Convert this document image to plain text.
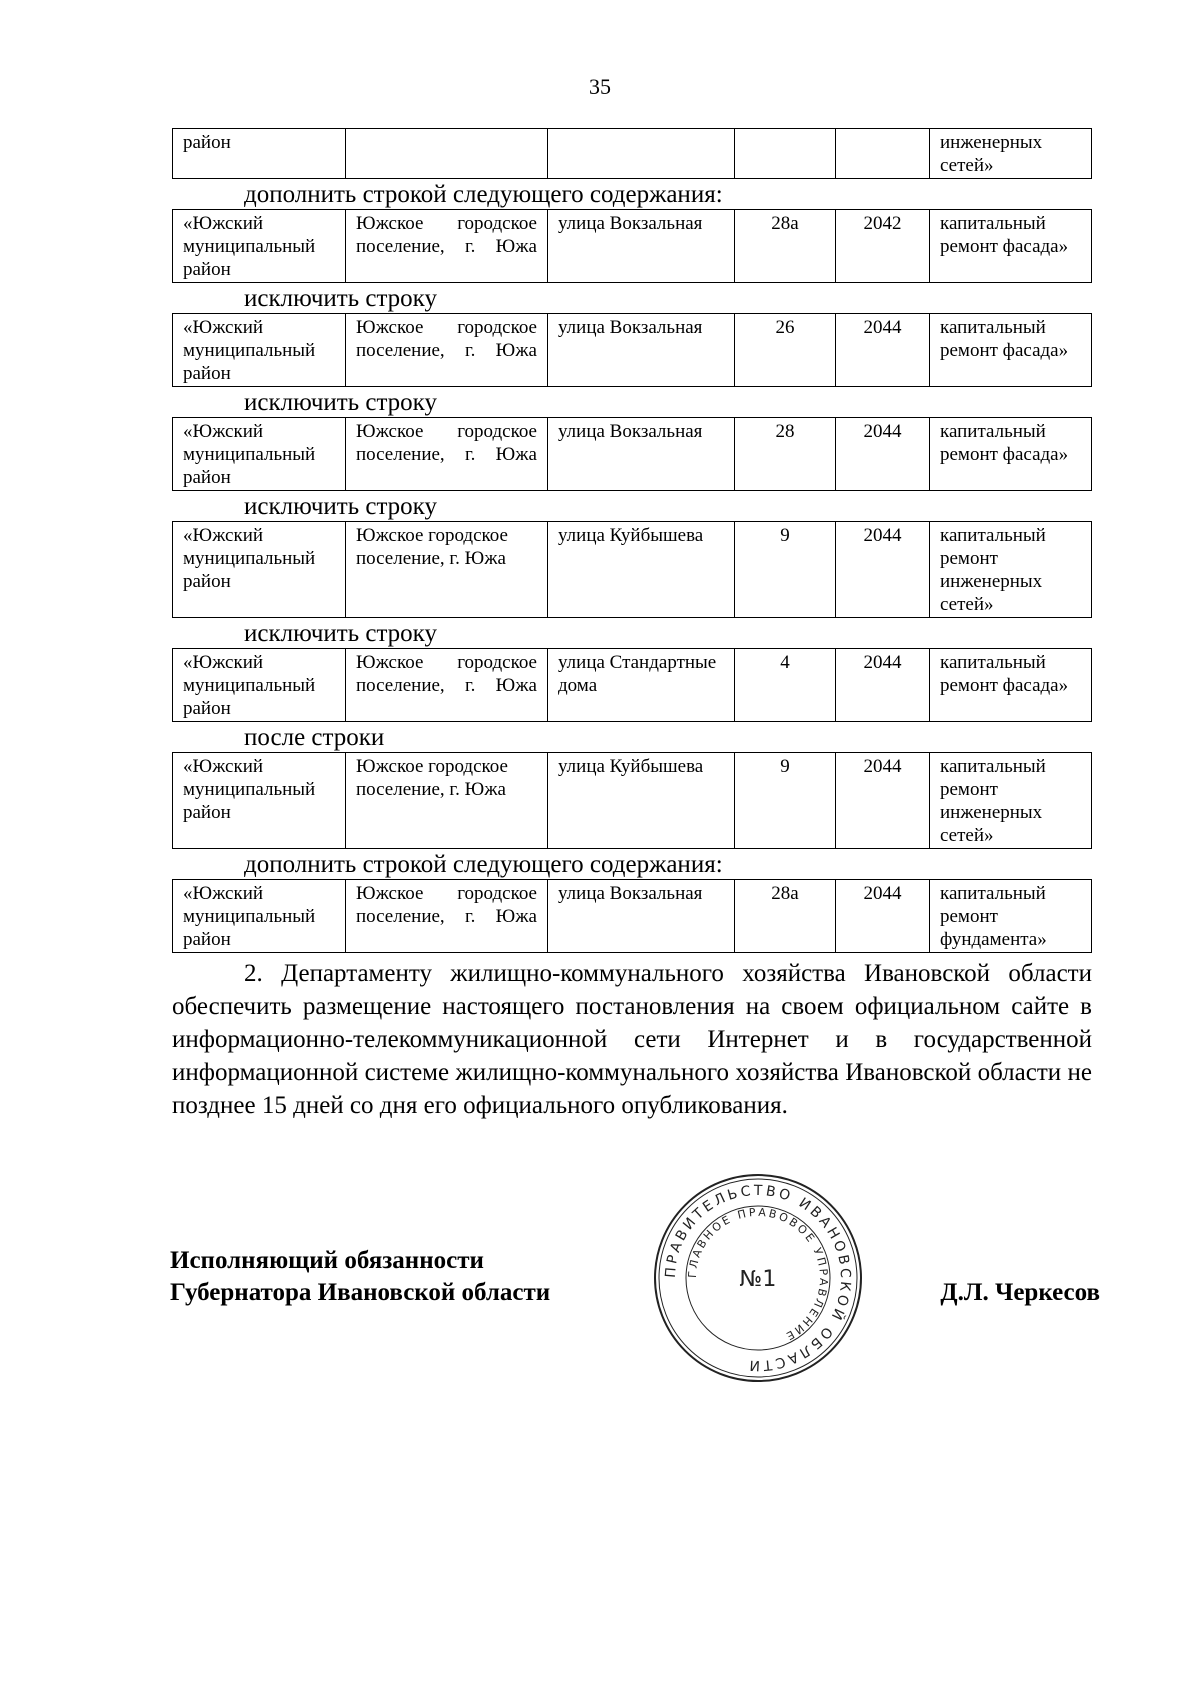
35
район					инженерных сетей»
дополнить строкой следующего содержания:
«Южский муниципальный район	Южское городское поселение, г. Южа	улица Вокзальная	28а	2042	капитальный ремонт фасада»
исключить строку
«Южский муниципальный район	Южское городское поселение, г. Южа	улица Вокзальная	26	2044	капитальный ремонт фасада»
исключить строку
«Южский муниципальный район	Южское городское поселение, г. Южа	улица Вокзальная	28	2044	капитальный ремонт фасада»
исключить строку
«Южский муниципальный район	Южское городское поселение, г. Южа	улица Куйбышева	9	2044	капитальный ремонт инженерных сетей»
исключить строку
«Южский муниципальный район	Южское городское поселение, г. Южа	улица Стандартные дома	4	2044	капитальный ремонт фасада»
после строки
«Южский муниципальный район	Южское городское поселение, г. Южа	улица Куйбышева	9	2044	капитальный ремонт инженерных сетей»
дополнить строкой следующего содержания:
«Южский муниципальный район	Южское городское поселение, г. Южа	улица Вокзальная	28а	2044	капитальный ремонт фундамента»
2. Департаменту жилищно-коммунального хозяйства Ивановской области обеспечить размещение настоящего постановления на своем официальном сайте в информационно-телекоммуникационной сети Интернет и в государственной информационной системе жилищно-коммунального хозяйства Ивановской области не позднее 15 дней со дня его официального опубликования.
ПРАВИТЕЛЬСТВО ИВАНОВСКОЙ ОБЛАСТИ
ГЛАВНОЕ ПРАВОВОЕ УПРАВЛЕНИЕ
№1
Исполняющий обязанности
Губернатора Ивановской области	Д.Л. Черкесов
